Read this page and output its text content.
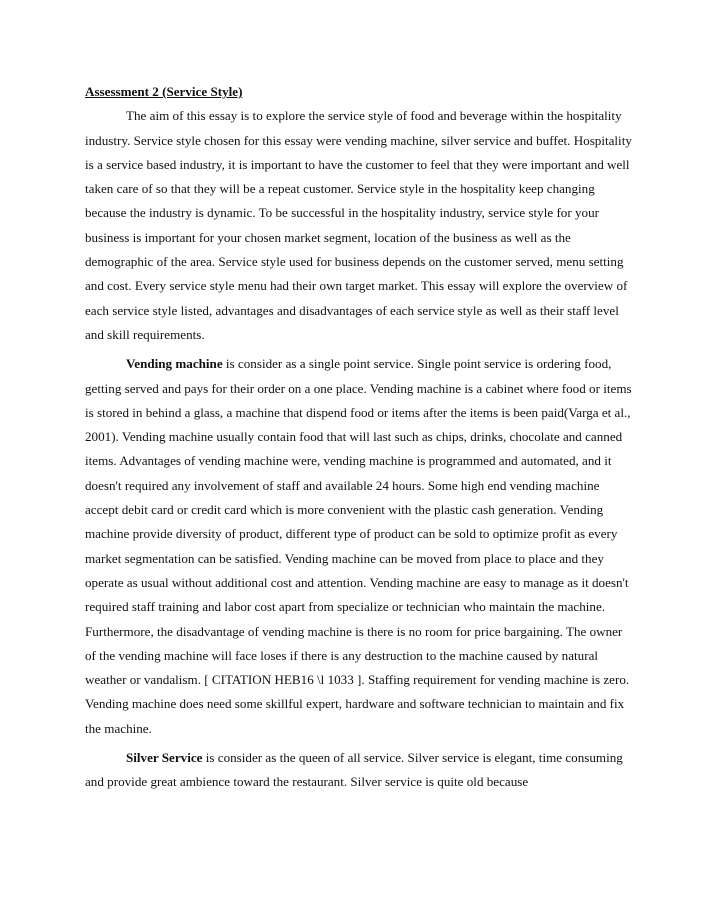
Assessment 2 (Service Style)

The aim of this essay is to explore the service style of food and beverage within the hospitality industry. Service style chosen for this essay were vending machine, silver service and buffet. Hospitality is a service based industry, it is important to have the customer to feel that they were important and well taken care of so that they will be a repeat customer. Service style in the hospitality keep changing because the industry is dynamic. To be successful in the hospitality industry, service style for your business is important for your chosen market segment, location of the business as well as the demographic of the area. Service style used for business depends on the customer served, menu setting and cost. Every service style menu had their own target market. This essay will explore the overview of each service style listed, advantages and disadvantages of each service style as well as their staff level and skill requirements.

Vending machine is consider as a single point service. Single point service is ordering food, getting served and pays for their order on a one place. Vending machine is a cabinet where food or items is stored in behind a glass, a machine that dispend food or items after the items is been paid(Varga et al., 2001). Vending machine usually contain food that will last such as chips, drinks, chocolate and canned items. Advantages of vending machine were, vending machine is programmed and automated, and it doesn't required any involvement of staff and available 24 hours. Some high end vending machine accept debit card or credit card which is more convenient with the plastic cash generation. Vending machine provide diversity of product, different type of product can be sold to optimize profit as every market segmentation can be satisfied. Vending machine can be moved from place to place and they operate as usual without additional cost and attention. Vending machine are easy to manage as it doesn't required staff training and labor cost apart from specialize or technician who maintain the machine. Furthermore, the disadvantage of vending machine is there is no room for price bargaining. The owner of the vending machine will face loses if there is any destruction to the machine caused by natural weather or vandalism. [ CITATION HEB16 \l 1033 ]. Staffing requirement for vending machine is zero. Vending machine does need some skillful expert, hardware and software technician to maintain and fix the machine.

Silver Service is consider as the queen of all service. Silver service is elegant, time consuming and provide great ambience toward the restaurant. Silver service is quite old because
